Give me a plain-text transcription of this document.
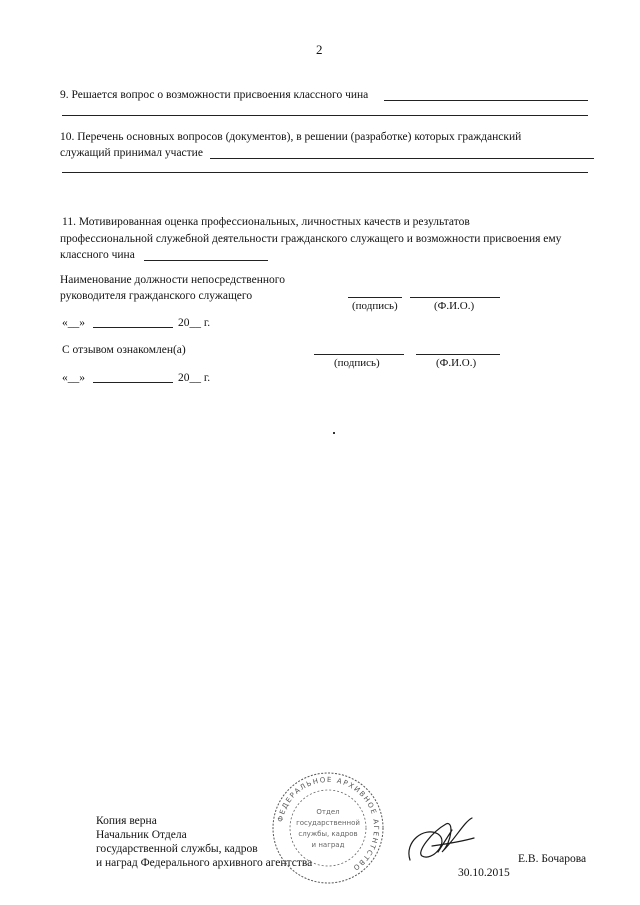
2
9. Решается вопрос о возможности присвоения классного чина
10. Перечень основных вопросов (документов), в решении (разработке) которых гражданский
служащий принимал участие
11. Мотивированная оценка профессиональных, личностных качеств и результатов
профессиональной служебной деятельности гражданского служащего и возможности присвоения ему
классного чина
Наименование должности непосредственного
руководителя гражданского служащего
(подпись)	(Ф.И.О.)
«__»	20__ г.
С отзывом ознакомлен(а)
(подпись)	(Ф.И.О.)
«__»	20__ г.
Копия верна
Начальник Отдела
государственной службы, кадров
и наград Федерального архивного агентства	Е.В. Бочарова
30.10.2015
ФЕДЕРАЛЬНОЕ АРХИВНОЕ АГЕНТСТВО
Отдел
государственной
службы, кадров
и наград
